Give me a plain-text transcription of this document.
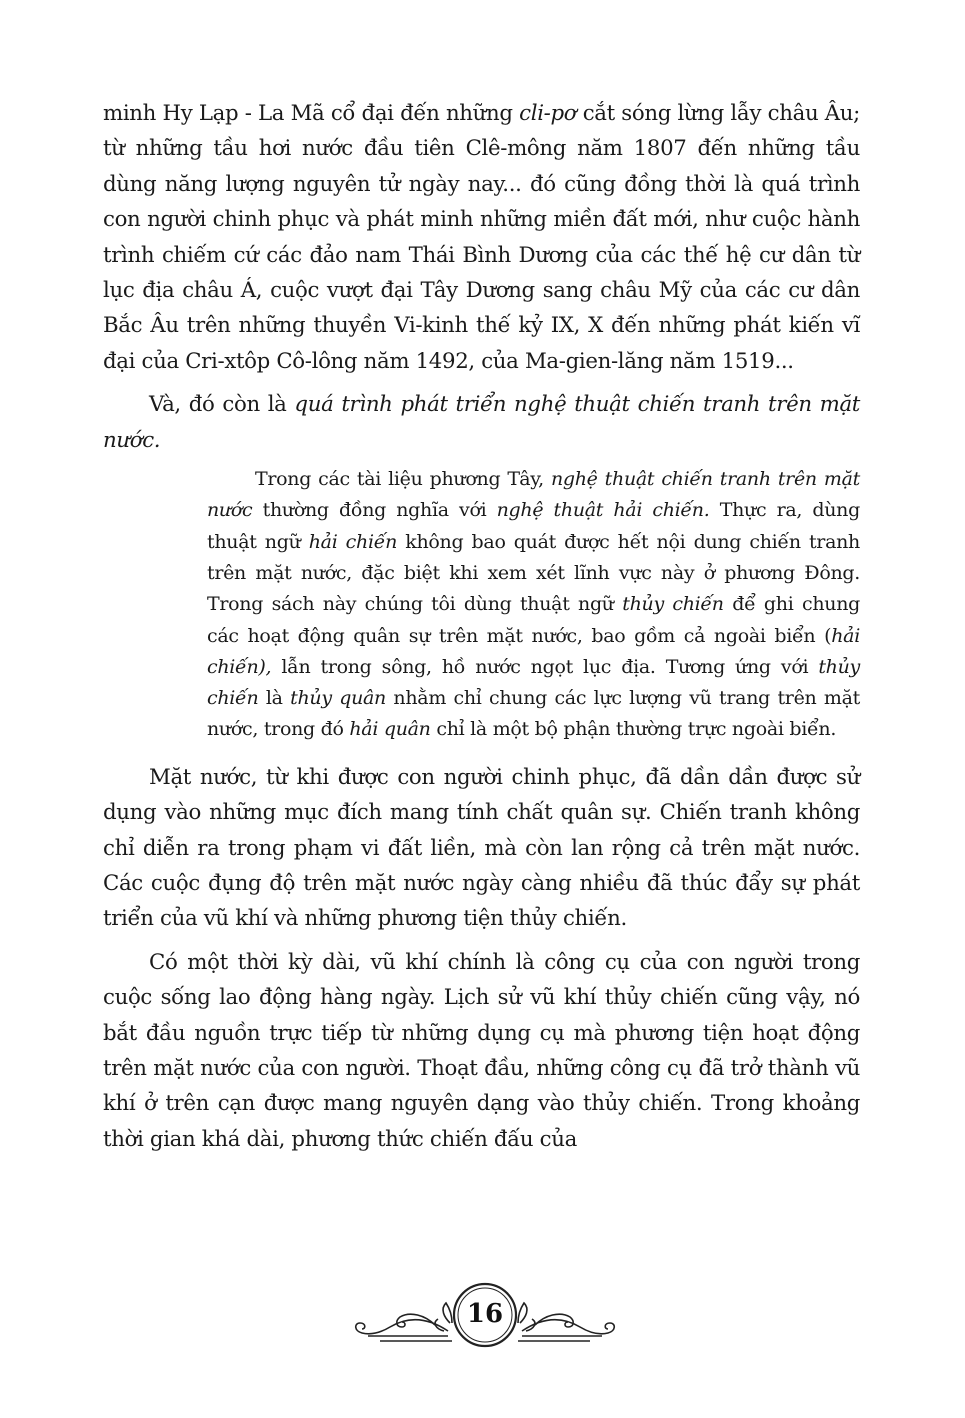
minh Hy Lạp - La Mã cổ đại đến những cli-pơ cắt sóng lừng lẫy châu Âu; từ những tầu hơi nước đầu tiên Clê-mông năm 1807 đến những tầu dùng năng lượng nguyên tử ngày nay... đó cũng đồng thời là quá trình con người chinh phục và phát minh những miền đất mới, như cuộc hành trình chiếm cứ các đảo nam Thái Bình Dương của các thế hệ cư dân từ lục địa châu Á, cuộc vượt đại Tây Dương sang châu Mỹ của các cư dân Bắc Âu trên những thuyền Vi-kinh thế kỷ IX, X đến những phát kiến vĩ đại của Cri-xtôp Cô-lông năm 1492, của Ma-gien-lăng năm 1519...

Và, đó còn là quá trình phát triển nghệ thuật chiến tranh trên mặt nước.

Trong các tài liệu phương Tây, nghệ thuật chiến tranh trên mặt nước thường đồng nghĩa với nghệ thuật hải chiến. Thực ra, dùng thuật ngữ hải chiến không bao quát được hết nội dung chiến tranh trên mặt nước, đặc biệt khi xem xét lĩnh vực này ở phương Đông. Trong sách này chúng tôi dùng thuật ngữ thủy chiến để ghi chung các hoạt động quân sự trên mặt nước, bao gồm cả ngoài biển (hải chiến), lẫn trong sông, hồ nước ngọt lục địa. Tương ứng với thủy chiến là thủy quân nhằm chỉ chung các lực lượng vũ trang trên mặt nước, trong đó hải quân chỉ là một bộ phận thường trực ngoài biển.

Mặt nước, từ khi được con người chinh phục, đã dần dần được sử dụng vào những mục đích mang tính chất quân sự. Chiến tranh không chỉ diễn ra trong phạm vi đất liền, mà còn lan rộng cả trên mặt nước. Các cuộc đụng độ trên mặt nước ngày càng nhiều đã thúc đẩy sự phát triển của vũ khí và những phương tiện thủy chiến.

Có một thời kỳ dài, vũ khí chính là công cụ của con người trong cuộc sống lao động hàng ngày. Lịch sử vũ khí thủy chiến cũng vậy, nó bắt đầu nguồn trực tiếp từ những dụng cụ mà phương tiện hoạt động trên mặt nước của con người. Thoạt đầu, những công cụ đã trở thành vũ khí ở trên cạn được mang nguyên dạng vào thủy chiến. Trong khoảng thời gian khá dài, phương thức chiến đấu của

16
